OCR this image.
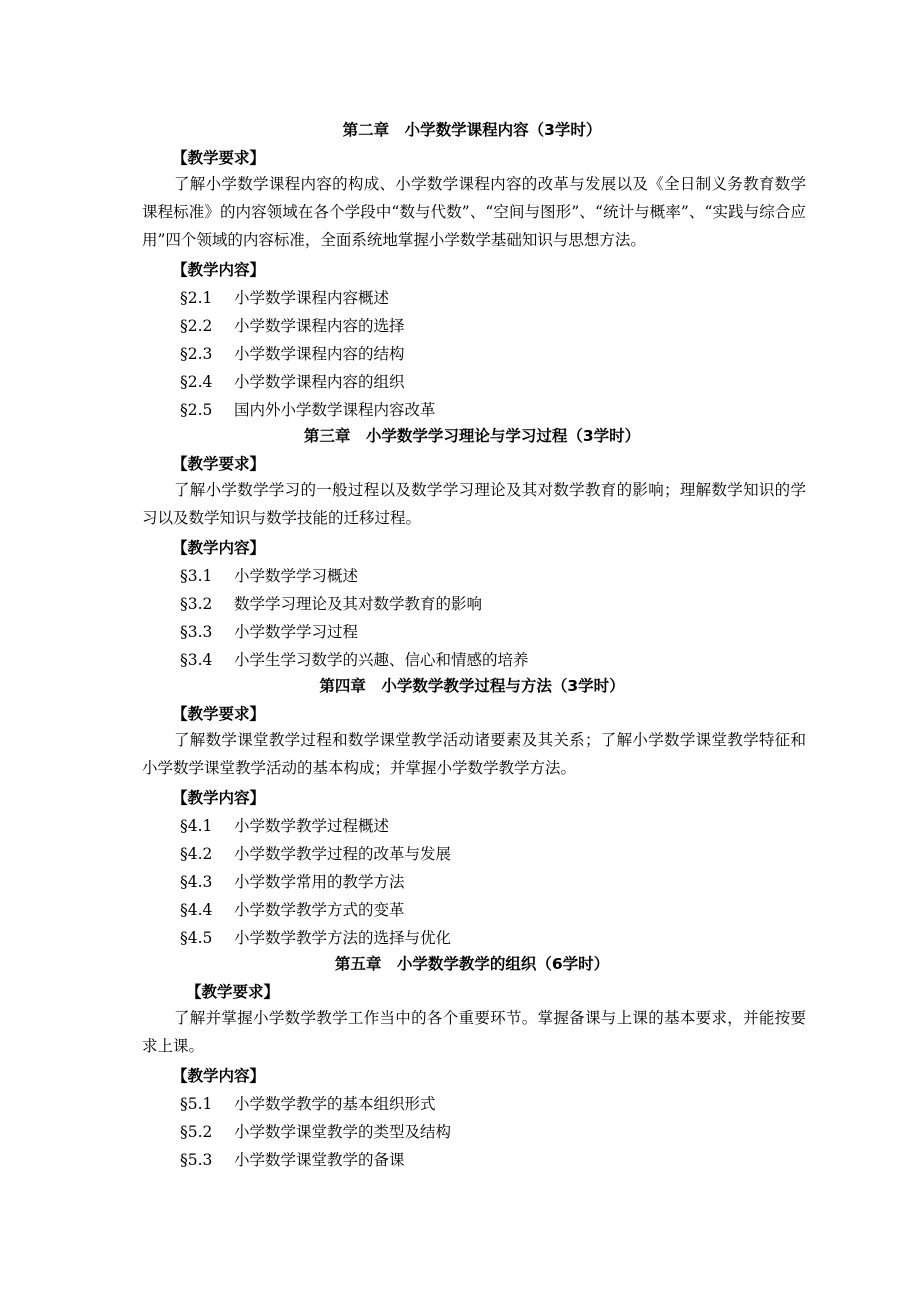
第二章　小学数学课程内容（3学时）
【教学要求】

了解小学数学课程内容的构成、小学数学课程内容的改革与发展以及《全日制义务教育数学课程标准》的内容领域在各个学段中“数与代数”、“空间与图形”、“统计与概率”、“实践与综合应用”四个领域的内容标准，全面系统地掌握小学数学基础知识与思想方法。

【教学内容】
§2.1 小学数学课程内容概述
§2.2 小学数学课程内容的选择
§2.3 小学数学课程内容的结构
§2.4 小学数学课程内容的组织
§2.5 国内外小学数学课程内容改革
第三章　小学数学学习理论与学习过程（3学时）
【教学要求】

了解小学数学学习的一般过程以及数学学习理论及其对数学教育的影响；理解数学知识的学习以及数学知识与数学技能的迁移过程。

【教学内容】
§3.1 小学数学学习概述
§3.2 数学学习理论及其对数学教育的影响
§3.3 小学数学学习过程
§3.4 小学生学习数学的兴趣、信心和情感的培养
第四章　小学数学教学过程与方法（3学时）
【教学要求】

了解数学课堂教学过程和数学课堂教学活动诸要素及其关系；了解小学数学课堂教学特征和小学数学课堂教学活动的基本构成；并掌握小学数学教学方法。

【教学内容】
§4.1 小学数学教学过程概述
§4.2 小学数学教学过程的改革与发展
§4.3 小学数学常用的教学方法
§4.4 小学数学教学方式的变革
§4.5 小学数学教学方法的选择与优化
第五章　小学数学教学的组织（6学时）
【教学要求】

了解并掌握小学数学教学工作当中的各个重要环节。掌握备课与上课的基本要求，并能按要求上课。

【教学内容】
§5.1 小学数学教学的基本组织形式
§5.2 小学数学课堂教学的类型及结构
§5.3 小学数学课堂教学的备课
